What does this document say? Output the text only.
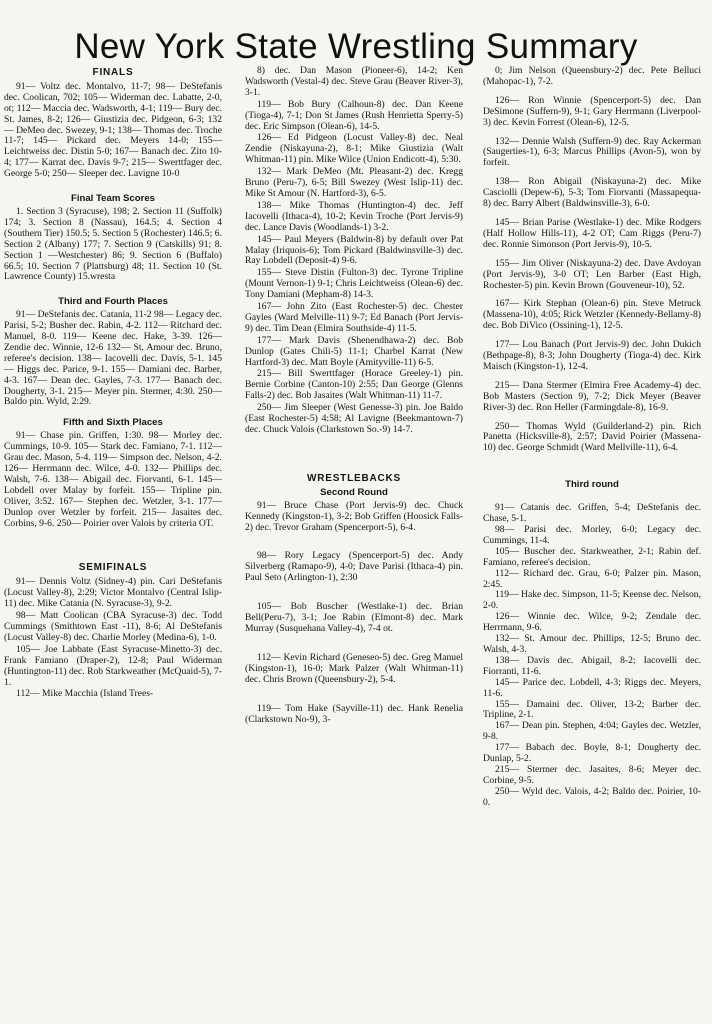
New York State Wrestling Summary
FINALS

91— Voltz dec. Montalvo, 11-7; 98— DeStefanis dec. Coolican, 702; 105— Widerman dec. Labatte, 2-0, ot; 112— Maccia dec. Wadsworth, 4-1; 119— Bury dec. St. James, 8-2; 126— Giustizia dec. Pidgeon, 6-3; 132— DeMeo dec. Swezey, 9-1; 138— Thomas dec. Troche 11-7; 145— Pickard dec. Meyers 14-0; 155— Leichtweiss dec. Distin 5-0; 167— Banach dec. Zito 10-4; 177— Karrat dec. Davis 9-7; 215— Swerttfager dec. George 5-0; 250— Sleeper dec. Lavigne 10-0

Final Team Scores

1. Section 3 (Syracuse), 198; 2. Section 11 (Suffolk) 174; 3. Section 8 (Nassau), 164.5; 4. Section 4 (Southern Tier) 150.5; 5. Section 5 (Rochester) 146.5; 6. Section 2 (Albany) 177; 7. Section 9 (Catskills) 91; 8. Section 1 —Westchester) 86; 9. Section 6 (Buffalo) 66.5; 10. Section 7 (Plattsburg) 48; 11. Section 10 (St. Lawrence County) 15.wresta

Third and Fourth Places

91— DeStefanis dec. Catania, 11-2 98— Legacy dec. Parisi, 5-2; Busher dec. Rabin, 4-2. 112— Ritchard dec. Manuel, 8-0. 119— Keene dec. Hake, 3-39. 126— Zendie dec. Winnie, 12-6 132— St. Amour dec. Bruno, referee's decision. 138— Iacovelli dec. Davis, 5-1. 145— Higgs dec. Parice, 9-1. 155— Damiani dec. Barber, 4-3. 167— Dean dec. Gayles, 7-3. 177— Banach dec. Dougherty, 3-1. 215— Meyer pin. Stermer, 4:30. 250— Baldo pin. Wyld, 2:29.

Fifth and Sixth Places

91— Chase pin. Griffen, 1:30. 98— Morley dec. Cummings, 10-9. 105— Stark dec. Famiano, 7-1. 112— Grau dec. Mason, 5-4. 119— Simpson dec. Nelson, 4-2. 126— Herrmann dec. Wilce, 4-0. 132— Phillips dec. Walsh, 7-6. 138— Abigail dec. Fiorvanti, 6-1. 145— Lobdell over Malay by forfeit. 155— Tripline pin. Oliver, 3:52. 167— Stephen dec. Wetzler, 3-1. 177— Dunlop over Wetzler by forfeit. 215— Jasaites dec. Corbins, 9-6. 250— Poirier over Valois by criteria OT.

SEMIFINALS

91— Dennis Voltz (Sidney-4) pin. Cari DeStefanis (Locust Valley-8), 2:29; Victor Montalvo (Central Islip-11) dec. Mike Catania (N. Syracuse-3), 9-2.

98— Matt Coolican (CBA Syracuse-3) dec. Todd Cummings (Smithtown East -11), 8-6; Al DeStefanis (Locust Valley-8) dec. Charlie Morley (Medina-6), 1-0.

105— Joe Labbate (East Syracuse-Minetto-3) dec. Frank Famiano (Draper-2), 12-8; Paul Widerman (Huntington-11) dec. Rob Starkweather (McQuaid-5), 7-1.

112— Mike Macchia (Island Trees-

8) dec. Dan Mason (Pioneer-6), 14-2; Ken Wadsworth (Vestal-4) dec. Steve Grau (Beaver River-3), 3-1.

119— Bob Bury (Calhoun-8) dec. Dan Keene (Tioga-4), 7-1; Don St James (Rush Henrietta Sperry-5) dec. Eric Simpson (Olean-6), 14-5.

126— Ed Pidgeon (Locust Valley-8) dec. Neal Zendie (Niskayuna-2), 8-1; Mike Giustizia (Walt Whitman-11) pin. Mike Wilce (Union Endicott-4), 5:30.

132— Mark DeMeo (Mt. Pleasant-2) dec. Kregg Bruno (Peru-7), 6-5; Bill Swezey (West Islip-11) dec. Mike St Amour (N. Hartford-3), 6-5.

138— Mike Thomas (Huntington-4) dec. Jeff Iacovelli (Ithaca-4), 10-2; Kevin Troche (Port Jervis-9) dec. Lance Davis (Woodlands-1) 3-2.

145— Paul Meyers (Baldwin-8) by default over Pat Malay (Iriquois-6); Tom Pickard (Baldwinsville-3) dec. Ray Lobdell (Deposit-4) 9-6.

155— Steve Distin (Fulton-3) dec. Tyrone Tripline (Mount Vernon-1) 9-1; Chris Leichtweiss (Olean-6) dec. Tony Damiani (Mepham-8) 14-3.

167— John Zito (East Rochester-5) dec. Chester Gayles (Ward Melville-11) 9-7; Ed Banach (Port Jervis-9) dec. Tim Dean (Elmira Southside-4) 11-5.

177— Mark Davis (Shenendhawa-2) dec. Bob Dunlop (Gates Chili-5) 11-1; Charbel Karrat (New Hartford-3) dec. Matt Boyle (Amityville-11) 6-5.

215— Bill Swerttfager (Horace Greeley-1) pin. Bernie Corbine (Canton-10) 2:55; Dan George (Glenns Falls-2) dec. Bob Jasaites (Walt Whitman-11) 11-7.

250— Jim Sleeper (West Genesse-3) pin. Joe Baldo (East Rochester-5) 4:58; Al Lavigne (Beekmantown-7) dec. Chuck Valois (Clarkstown So.-9) 14-7.

WRESTLEBACKS
Second Round

91— Bruce Chase (Port Jervis-9) dec. Chuck Kennedy (Kingston-1), 3-2; Bob Griffen (Hoosick Falls-2) dec. Trevor Graham (Spencerport-5), 6-4.

98— Rory Legacy (Spencerport-5) dec. Andy Silverberg (Ramapo-9), 4-0; Dave Parisi (Ithaca-4) pin. Paul Seto (Arlington-1), 2:30

105— Bob Buscher (Westlake-1) dec. Brian Bell(Peru-7), 3-1; Joe Rabin (Elmont-8) dec. Mark Murray (Susquehana Valley-4), 7-4 ot.

112— Kevin Richard (Geneseo-5) dec. Greg Manuel (Kingston-1), 16-0; Mark Palzer (Walt Whitman-11) dec. Chris Brown (Queensbury-2), 5-4.

119— Tom Hake (Sayville-11) dec. Hank Renelia (Clarkstown No-9), 3-

0; Jim Nelson (Queensbury-2) dec. Pete Belluci (Mahopac-1), 7-2.

126— Ron Winnie (Spencerport-5) dec. Dan DeSimone (Suffern-9), 9-1; Gary Herrmann (Liverpool-3) dec. Kevin Forrest (Olean-6), 12-5.

132— Dennie Walsh (Suffern-9) dec. Ray Ackerman (Saugerties-1), 6-3; Marcus Phillips (Avon-5), won by forfeit.

138— Ron Abigail (Niskayuna-2) dec. Mike Casciolli (Depew-6), 5-3; Tom Fiorvanti (Massapequa-8) dec. Barry Albert (Baldwinsville-3), 6-0.

145— Brian Parise (Westlake-1) dec. Mike Rodgers (Half Hollow Hills-11), 4-2 OT; Cam Riggs (Peru-7) dec. Ronnie Simonson (Port Jervis-9), 10-5.

155— Jim Oliver (Niskayuna-2) dec. Dave Avdoyan (Port Jervis-9), 3-0 OT; Len Barber (East High, Rochester-5) pin. Kevin Brown (Gouveneur-10), 52.

167— Kirk Stephan (Olean-6) pin. Steve Metruck (Massena-10), 4:05; Rick Wetzler (Kennedy-Bellamy-8) dec. Bob DiVico (Ossining-1), 12-5.

177— Lou Banach (Port Jervis-9) dec. John Dukich (Bethpage-8), 8-3; John Dougherty (Tioga-4) dec. Kirk Maisch (Kingston-1), 12-4.

215— Dana Stermer (Elmira Free Academy-4) dec. Bob Masters (Section 9), 7-2; Dick Meyer (Beaver River-3) dec. Ron Heller (Farmingdale-8), 16-9.

250— Thomas Wyld (Guilderland-2) pin. Rich Panetta (Hicksville-8), 2:57; David Poirier (Massena-10) dec. George Schmidt (Ward Mellville-11), 6-4.

Third round

91— Catanis dec. Griffen, 5-4; DeStefanis dec. Chase, 5-1.

98— Parisi dec. Morley, 6-0; Legacy dec. Cummings, 11-4.

105— Buscher dec. Starkweather, 2-1; Rabin def. Famiano, referee's decision.

112— Richard dec. Grau, 6-0; Palzer pin. Mason, 2:45.

119— Hake dec. Simpson, 11-5; Keense dec. Nelson, 2-0.

126— Winnie dec. Wilce, 9-2; Zendale dec. Herrmann, 9-6.

132— St. Amour dec. Phillips, 12-5; Bruno dec. Walsh, 4-3.

138— Davis dec. Abigail, 8-2; Iacovelli dec. Fiorranti, 11-6.

145— Parice dec. Lobdell, 4-3; Riggs dec. Meyers, 11-6.

155— Damaini dec. Oliver, 13-2; Barber dec. Tripline, 2-1.

167— Dean pin. Stephen, 4:04; Gayles dec. Wetzler, 9-8.

177— Babach dec. Boyle, 8-1; Dougherty dec. Dunlap, 5-2.

215— Stermer dec. Jasaites, 8-6; Meyer dec. Corbine, 9-5.

250— Wyld dec. Valois, 4-2; Baldo dec. Poirier, 10-0.
